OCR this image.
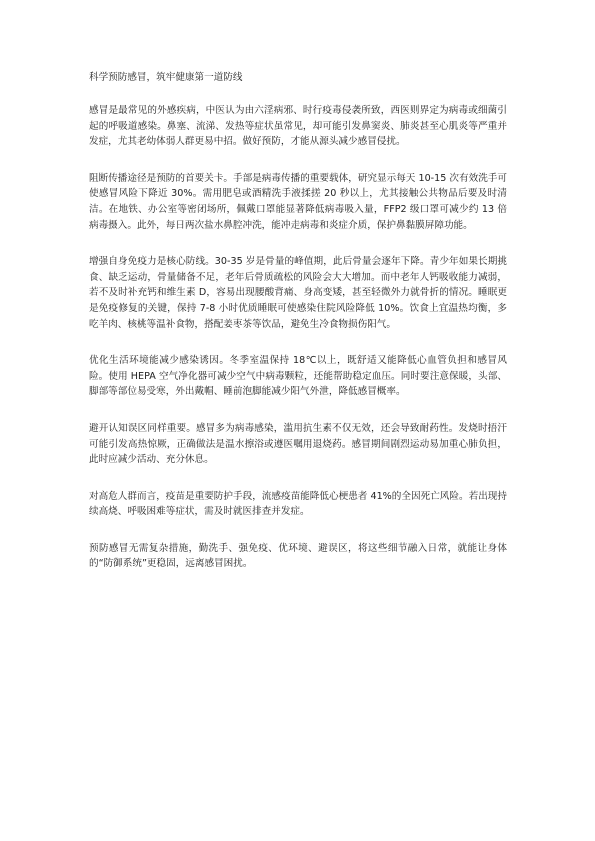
科学预防感冒，筑牢健康第一道防线

感冒是最常见的外感疾病，中医认为由六淫病邪、时行疫毒侵袭所致，西医则界定为病毒或细菌引起的呼吸道感染。鼻塞、流涕、发热等症状虽常见，却可能引发鼻窦炎、肺炎甚至心肌炎等严重并发症，尤其老幼体弱人群更易中招。做好预防，才能从源头减少感冒侵扰。

阻断传播途径是预防的首要关卡。手部是病毒传播的重要载体，研究显示每天 10-15 次有效洗手可使感冒风险下降近 30%。需用肥皂或酒精洗手液揉搓 20 秒以上，尤其接触公共物品后要及时清洁。在地铁、办公室等密闭场所，佩戴口罩能显著降低病毒吸入量，FFP2 级口罩可减少约 13 倍病毒摄入。此外，每日两次盐水鼻腔冲洗，能冲走病毒和炎症介质，保护鼻黏膜屏障功能。

增强自身免疫力是核心防线。30-35 岁是骨量的峰值期，此后骨量会逐年下降。青少年如果长期挑食、缺乏运动，骨量储备不足，老年后骨质疏松的风险会大大增加。而中老年人钙吸收能力减弱，若不及时补充钙和维生素 D，容易出现腰酸背痛、身高变矮，甚至轻微外力就骨折的情况。睡眠更是免疫修复的关键，保持 7-8 小时优质睡眠可使感染住院风险降低 10%。饮食上宜温热均衡，多吃羊肉、核桃等温补食物，搭配姜枣茶等饮品，避免生冷食物损伤阳气。

优化生活环境能减少感染诱因。冬季室温保持 18℃以上，既舒适又能降低心血管负担和感冒风险。使用 HEPA 空气净化器可减少空气中病毒颗粒，还能帮助稳定血压。同时要注意保暖，头部、脚部等部位易受寒，外出戴帽、睡前泡脚能减少阳气外泄，降低感冒概率。

避开认知误区同样重要。感冒多为病毒感染，滥用抗生素不仅无效，还会导致耐药性。发烧时捂汗可能引发高热惊厥，正确做法是温水擦浴或遵医嘱用退烧药。感冒期间剧烈运动易加重心肺负担，此时应减少活动、充分休息。

对高危人群而言，疫苗是重要防护手段，流感疫苗能降低心梗患者 41%的全因死亡风险。若出现持续高烧、呼吸困难等症状，需及时就医排查并发症。

预防感冒无需复杂措施，勤洗手、强免疫、优环境、避误区，将这些细节融入日常，就能让身体的“防御系统”更稳固，远离感冒困扰。
